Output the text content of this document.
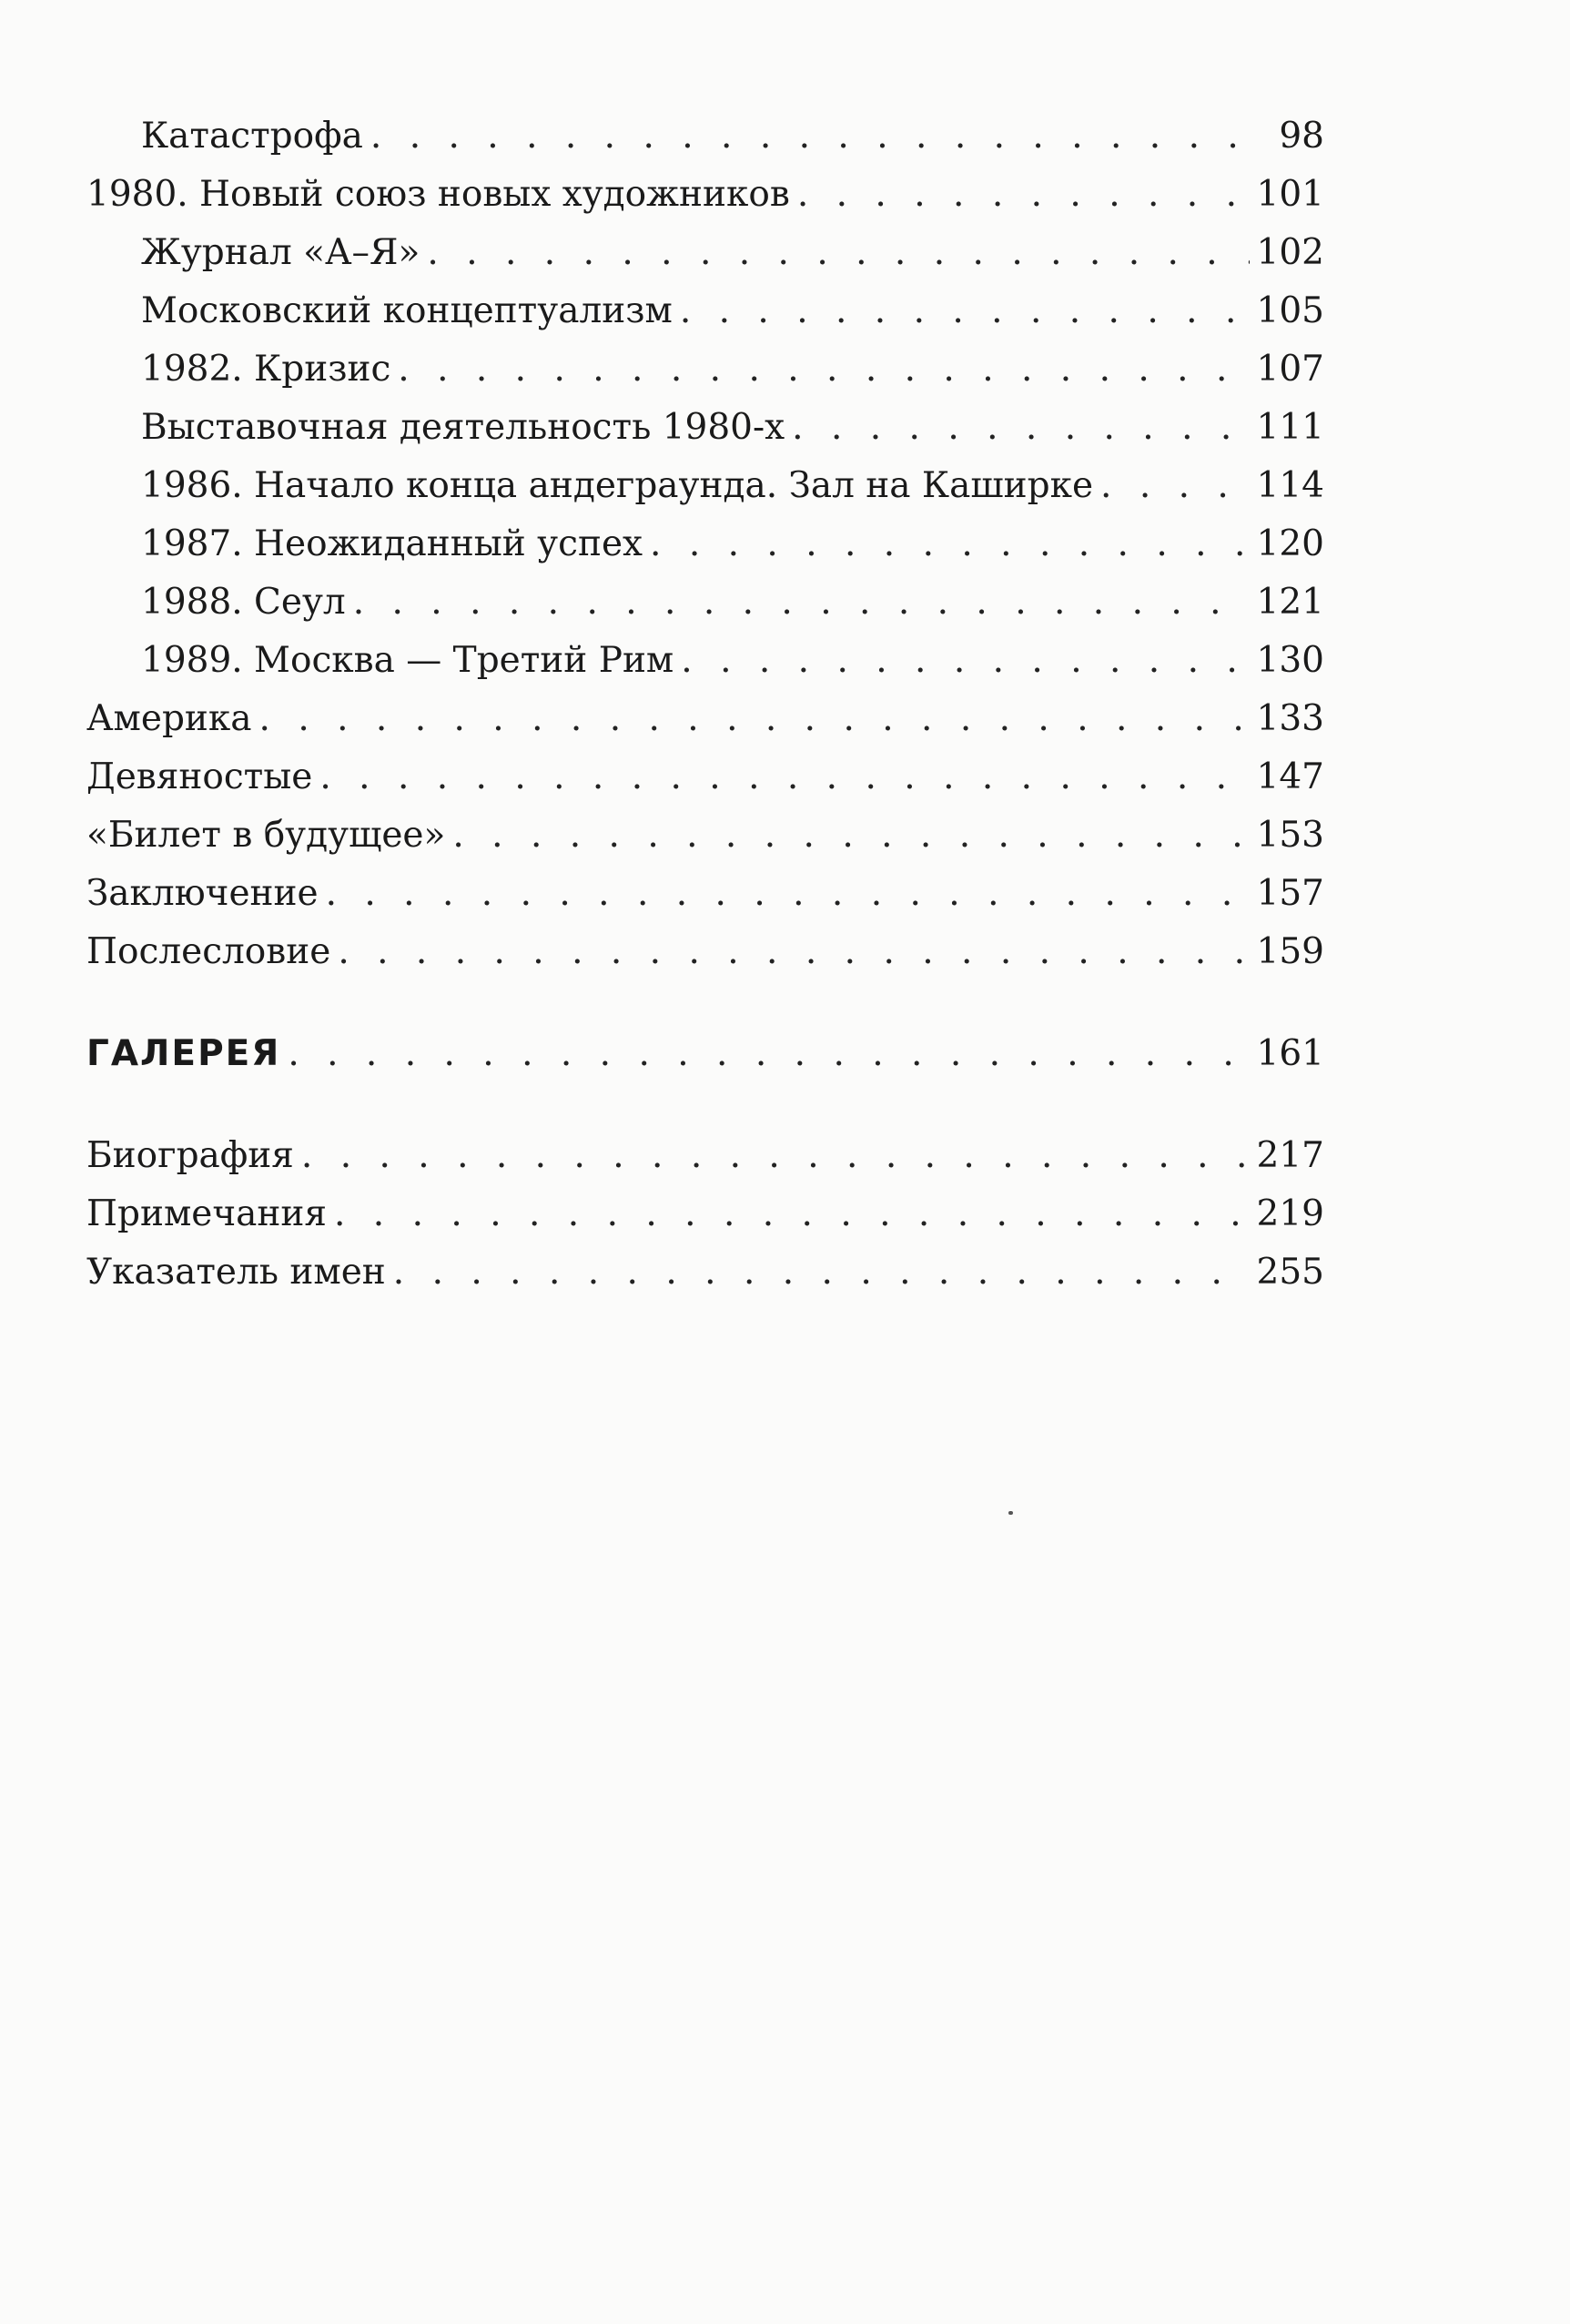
Катастрофа . . .	98
1980. Новый союз новых художников . . .	101
Журнал «А–Я» . . .	102
Московский концептуализм . . .	105
1982. Кризис . . .	107
Выставочная деятельность 1980-х . . .	111
1986. Начало конца андеграунда. Зал на Каширке . . .	114
1987. Неожиданный успех . . .	120
1988. Сеул . . .	121
1989. Москва — Третий Рим . . .	130
Америка . . .	133
Девяностые . . .	147
«Билет в будущее» . . .	153
Заключение . . .	157
Послесловие . . .	159
ГАЛЕРЕЯ . . .	161
Биография . . .	217
Примечания . . .	219
Указатель имен . . .	255
